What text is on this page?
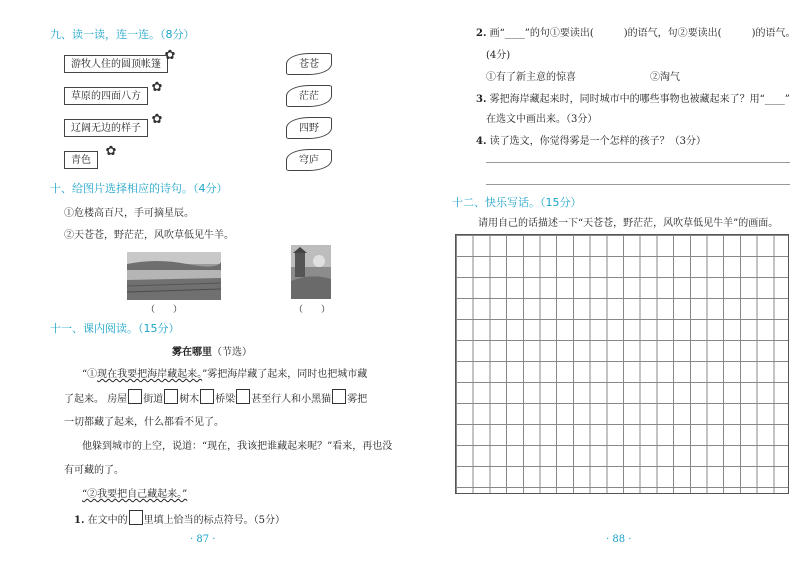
九、读一读，连一连。（8分）
游牧人住的圆顶帐篷
✿
草原的四面八方
✿
辽阔无边的样子
✿
青色
✿
苍苍
茫茫
四野
穹庐
十、给图片选择相应的诗句。（4分）
①危楼高百尺，手可摘星辰。
②天苍苍，野茫茫，风吹草低见牛羊。
（　　）	（　　）
十一、课内阅读。（15分）
雾在哪里（节选）
“①现在我要把海岸藏起来。”雾把海岸藏了起来，同时也把城市藏
了起来。 房屋 街道 树木 桥梁 甚至行人和小黑猫 雾把
一切都藏了起来，什么都看不见了。
他躲到城市的上空，说道：“现在，我该把谁藏起来呢？”看来，再也没
有可藏的了。
“②我要把自己藏起来。”
1. 在文中的 里填上恰当的标点符号。（5分）
· 87 ·
2. 画“____”的句①要读出(　　　)的语气，句②要读出(　　　)的语气。
(4分)
①有了新主意的惊喜	②淘气
3. 雾把海岸藏起来时，同时城市中的哪些事物也被藏起来了？用“____”
在选文中画出来。（3分）
4. 读了选文，你觉得雾是一个怎样的孩子？（3分）
十二、快乐写话。（15分）
请用自己的话描述一下“天苍苍，野茫茫，风吹草低见牛羊”的画面。
· 88 ·
